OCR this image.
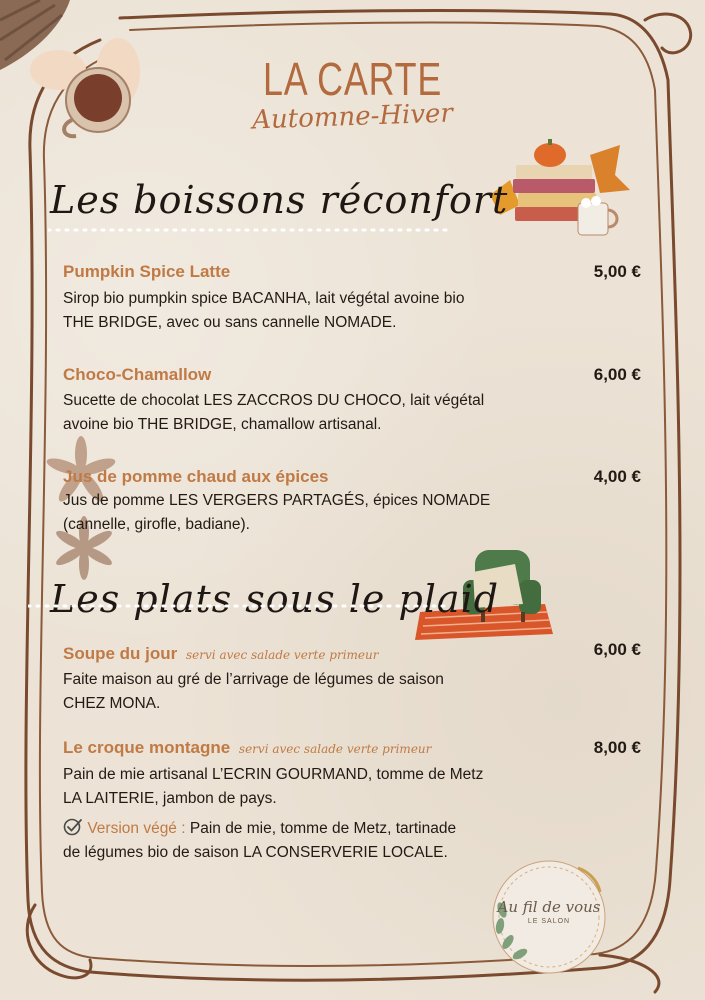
LA CARTE
Automne-Hiver
Les boissons réconfort
Pumpkin Spice Latte	5,00 €
Sirop bio pumpkin spice BACANHA, lait végétal avoine bio
THE BRIDGE, avec ou sans cannelle NOMADE.
Choco-Chamallow	6,00 €
Sucette de chocolat LES ZACCROS DU CHOCO, lait végétal
avoine bio THE BRIDGE, chamallow artisanal.
Jus de pomme chaud aux épices	4,00 €
Jus de pomme LES VERGERS PARTAGÉS, épices NOMADE
(cannelle, girofle, badiane).
Les plats sous le plaid
Soupe du jour servi avec salade verte primeur	6,00 €
Faite maison au gré de l’arrivage de légumes de saison
CHEZ MONA.
Le croque montagne servi avec salade verte primeur	8,00 €
Pain de mie artisanal L’ECRIN GOURMAND, tomme de Metz
LA LAITERIE, jambon de pays.
Version végé : Pain de mie, tomme de Metz, tartinade
de légumes bio de saison LA CONSERVERIE LOCALE.
Au fil de vous
LE SALON
